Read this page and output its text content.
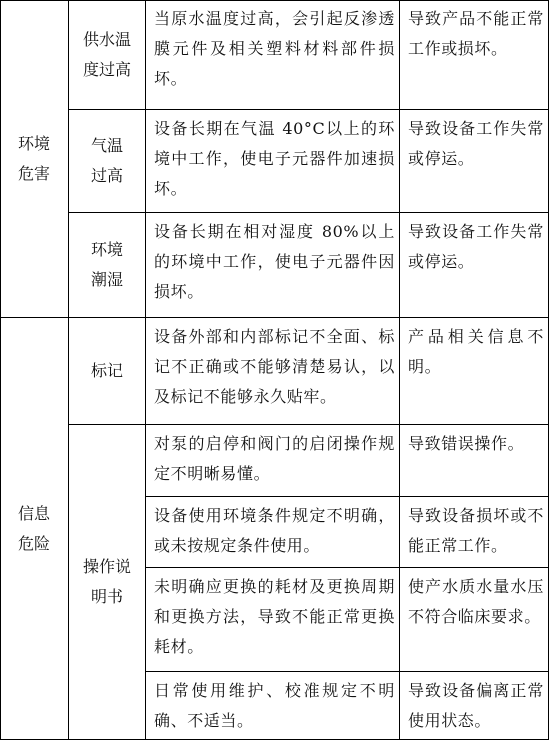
环境
危害
信息
危险
供水温
度过高
气温
过高
环境
潮湿
标记
操作说
明书
当原水温度过高，会引起反渗透膜元件及相关塑料材料部件损坏。
设备长期在气温 40°C以上的环境中工作，使电子元器件加速损坏。
设备长期在相对湿度 80%以上的环境中工作，使电子元器件因损坏。
设备外部和内部标记不全面、标记不正确或不能够清楚易认，以及标记不能够永久贴牢。
对泵的启停和阀门的启闭操作规定不明晰易懂。
设备使用环境条件规定不明确，或未按规定条件使用。
未明确应更换的耗材及更换周期和更换方法，导致不能正常更换耗材。
日常使用维护、校准规定不明确、不适当。
导致产品不能正常工作或损坏。
导致设备工作失常或停运。
导致设备工作失常或停运。
产品相关信息不明。
导致错误操作。
导致设备损坏或不能正常工作。
使产水质水量水压不符合临床要求。
导致设备偏离正常使用状态。
